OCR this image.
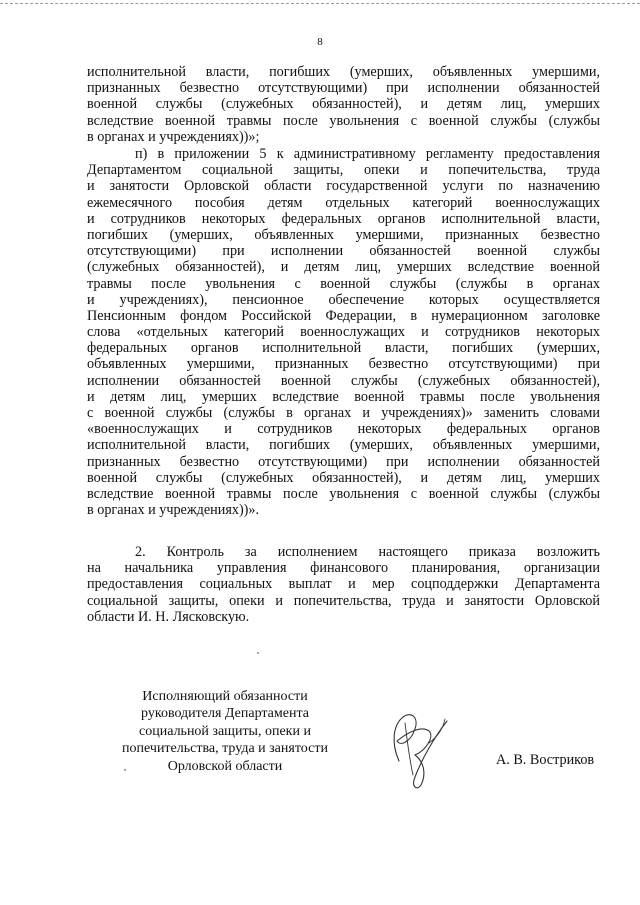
8
исполнительной власти, погибших (умерших, объявленных умершими,
признанных безвестно отсутствующими) при исполнении обязанностей
военной службы (служебных обязанностей), и детям лиц, умерших
вследствие военной травмы после увольнения с военной службы (службы
в органах и учреждениях))»;
п) в приложении 5 к административному регламенту предоставления
Департаментом социальной защиты, опеки и попечительства, труда
и занятости Орловской области государственной услуги по назначению
ежемесячного пособия детям отдельных категорий военнослужащих
и сотрудников некоторых федеральных органов исполнительной власти,
погибших (умерших, объявленных умершими, признанных безвестно
отсутствующими) при исполнении обязанностей военной службы
(служебных обязанностей), и детям лиц, умерших вследствие военной
травмы после увольнения с военной службы (службы в органах
и учреждениях), пенсионное обеспечение которых осуществляется
Пенсионным фондом Российской Федерации, в нумерационном заголовке
слова «отдельных категорий военнослужащих и сотрудников некоторых
федеральных органов исполнительной власти, погибших (умерших,
объявленных умершими, признанных безвестно отсутствующими) при
исполнении обязанностей военной службы (служебных обязанностей),
и детям лиц, умерших вследствие военной травмы после увольнения
с военной службы (службы в органах и учреждениях)» заменить словами
«военнослужащих и сотрудников некоторых федеральных органов
исполнительной власти, погибших (умерших, объявленных умершими,
признанных безвестно отсутствующими) при исполнении обязанностей
военной службы (служебных обязанностей), и детям лиц, умерших
вследствие военной травмы после увольнения с военной службы (службы
в органах и учреждениях))».
2. Контроль за исполнением настоящего приказа возложить
на начальника управления финансового планирования, организации
предоставления социальных выплат и мер соцподдержки Департамента
социальной защиты, опеки и попечительства, труда и занятости Орловской
области И. Н. Лясковскую.
Исполняющий обязанности
руководителя Департамента
социальной защиты, опеки и
попечительства, труда и занятости
Орловской области	А. В. Востриков
